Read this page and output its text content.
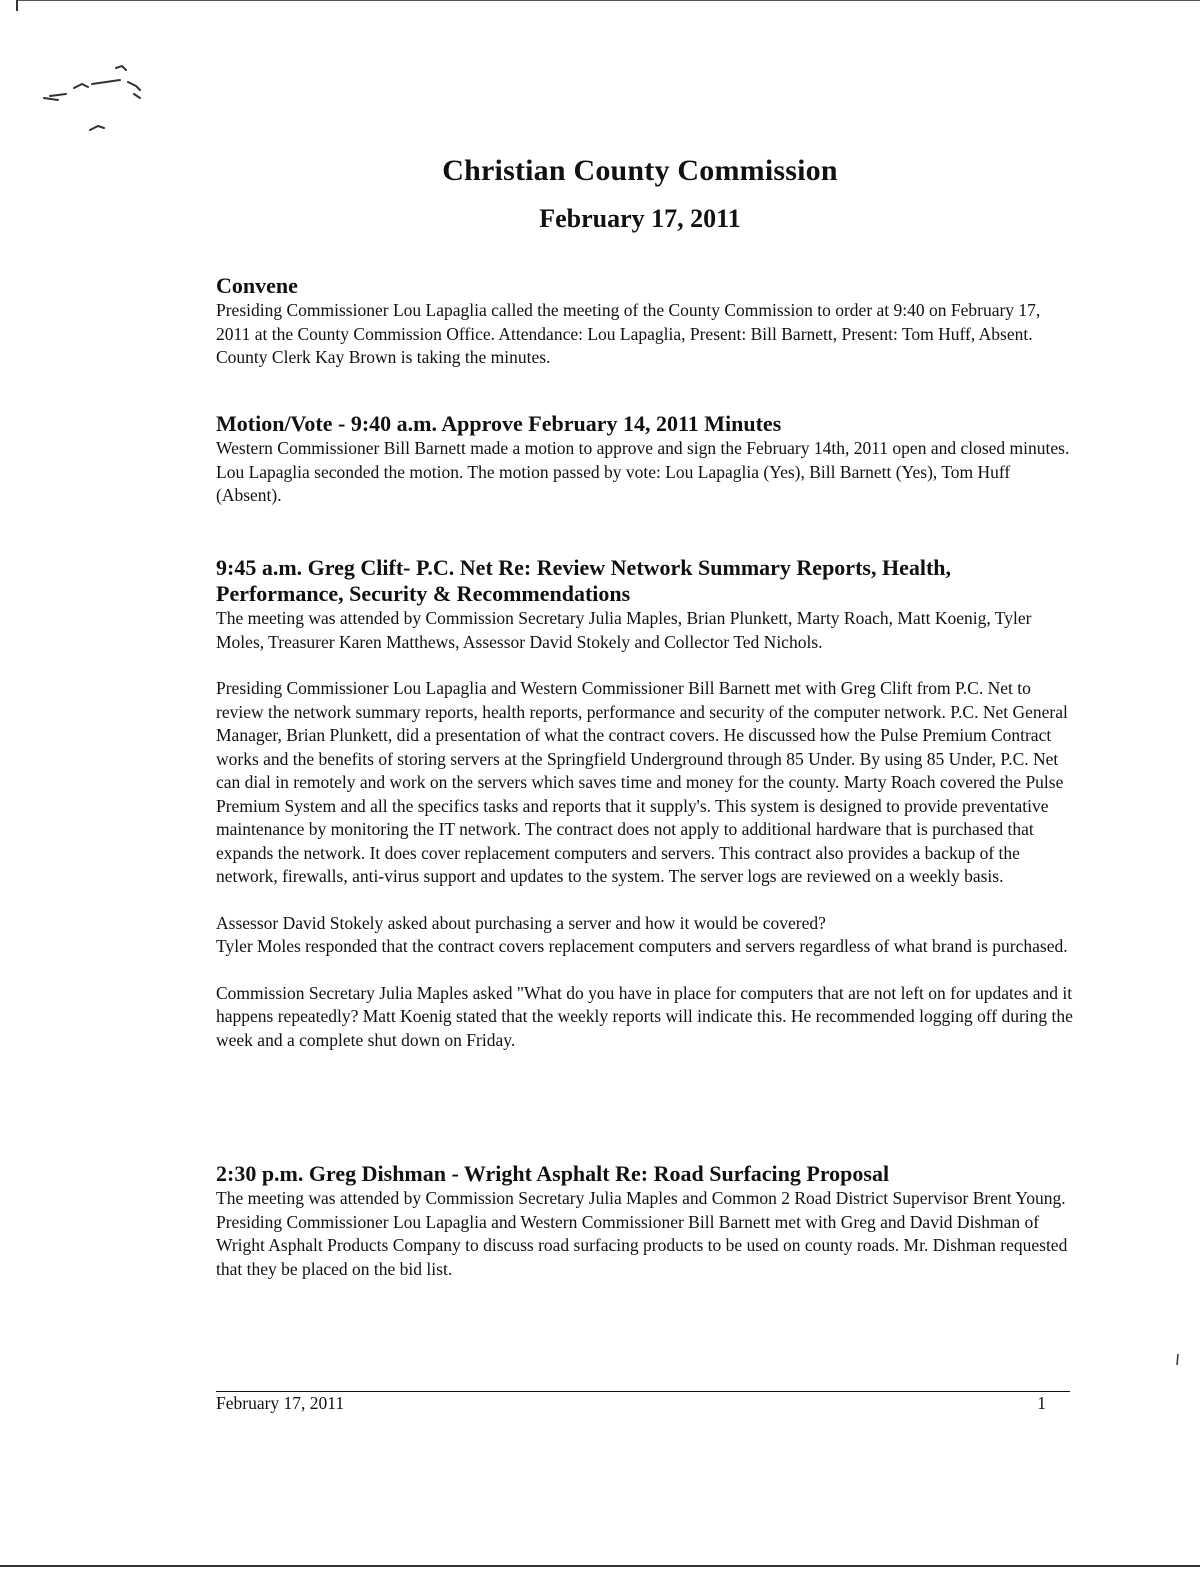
Christian County Commission
February 17, 2011
Convene

Presiding Commissioner Lou Lapaglia called the meeting of the County Commission to order at 9:40 on February 17, 2011 at the County Commission Office. Attendance: Lou Lapaglia, Present: Bill Barnett, Present: Tom Huff, Absent. County Clerk Kay Brown is taking the minutes.

Motion/Vote - 9:40 a.m. Approve February 14, 2011 Minutes

Western Commissioner Bill Barnett made a motion to approve and sign the February 14th, 2011 open and closed minutes. Lou Lapaglia seconded the motion. The motion passed by vote: Lou Lapaglia (Yes), Bill Barnett (Yes), Tom Huff (Absent).

9:45 a.m. Greg Clift- P.C. Net Re: Review Network Summary Reports, Health, Performance, Security & Recommendations

The meeting was attended by Commission Secretary Julia Maples, Brian Plunkett, Marty Roach, Matt Koenig, Tyler Moles, Treasurer Karen Matthews, Assessor David Stokely and Collector Ted Nichols.

Presiding Commissioner Lou Lapaglia and Western Commissioner Bill Barnett met with Greg Clift from P.C. Net to review the network summary reports, health reports, performance and security of the computer network. P.C. Net General Manager, Brian Plunkett, did a presentation of what the contract covers. He discussed how the Pulse Premium Contract works and the benefits of storing servers at the Springfield Underground through 85 Under. By using 85 Under, P.C. Net can dial in remotely and work on the servers which saves time and money for the county. Marty Roach covered the Pulse Premium System and all the specifics tasks and reports that it supply's. This system is designed to provide preventative maintenance by monitoring the IT network. The contract does not apply to additional hardware that is purchased that expands the network. It does cover replacement computers and servers. This contract also provides a backup of the network, firewalls, anti-virus support and updates to the system. The server logs are reviewed on a weekly basis.

Assessor David Stokely asked about purchasing a server and how it would be covered?

Tyler Moles responded that the contract covers replacement computers and servers regardless of what brand is purchased.

Commission Secretary Julia Maples asked "What do you have in place for computers that are not left on for updates and it happens repeatedly? Matt Koenig stated that the weekly reports will indicate this. He recommended logging off during the week and a complete shut down on Friday.

2:30 p.m. Greg Dishman - Wright Asphalt Re: Road Surfacing Proposal

The meeting was attended by Commission Secretary Julia Maples and Common 2 Road District Supervisor Brent Young.

Presiding Commissioner Lou Lapaglia and Western Commissioner Bill Barnett met with Greg and David Dishman of Wright Asphalt Products Company to discuss road surfacing products to be used on county roads. Mr. Dishman requested that they be placed on the bid list.

February 17, 2011	1
